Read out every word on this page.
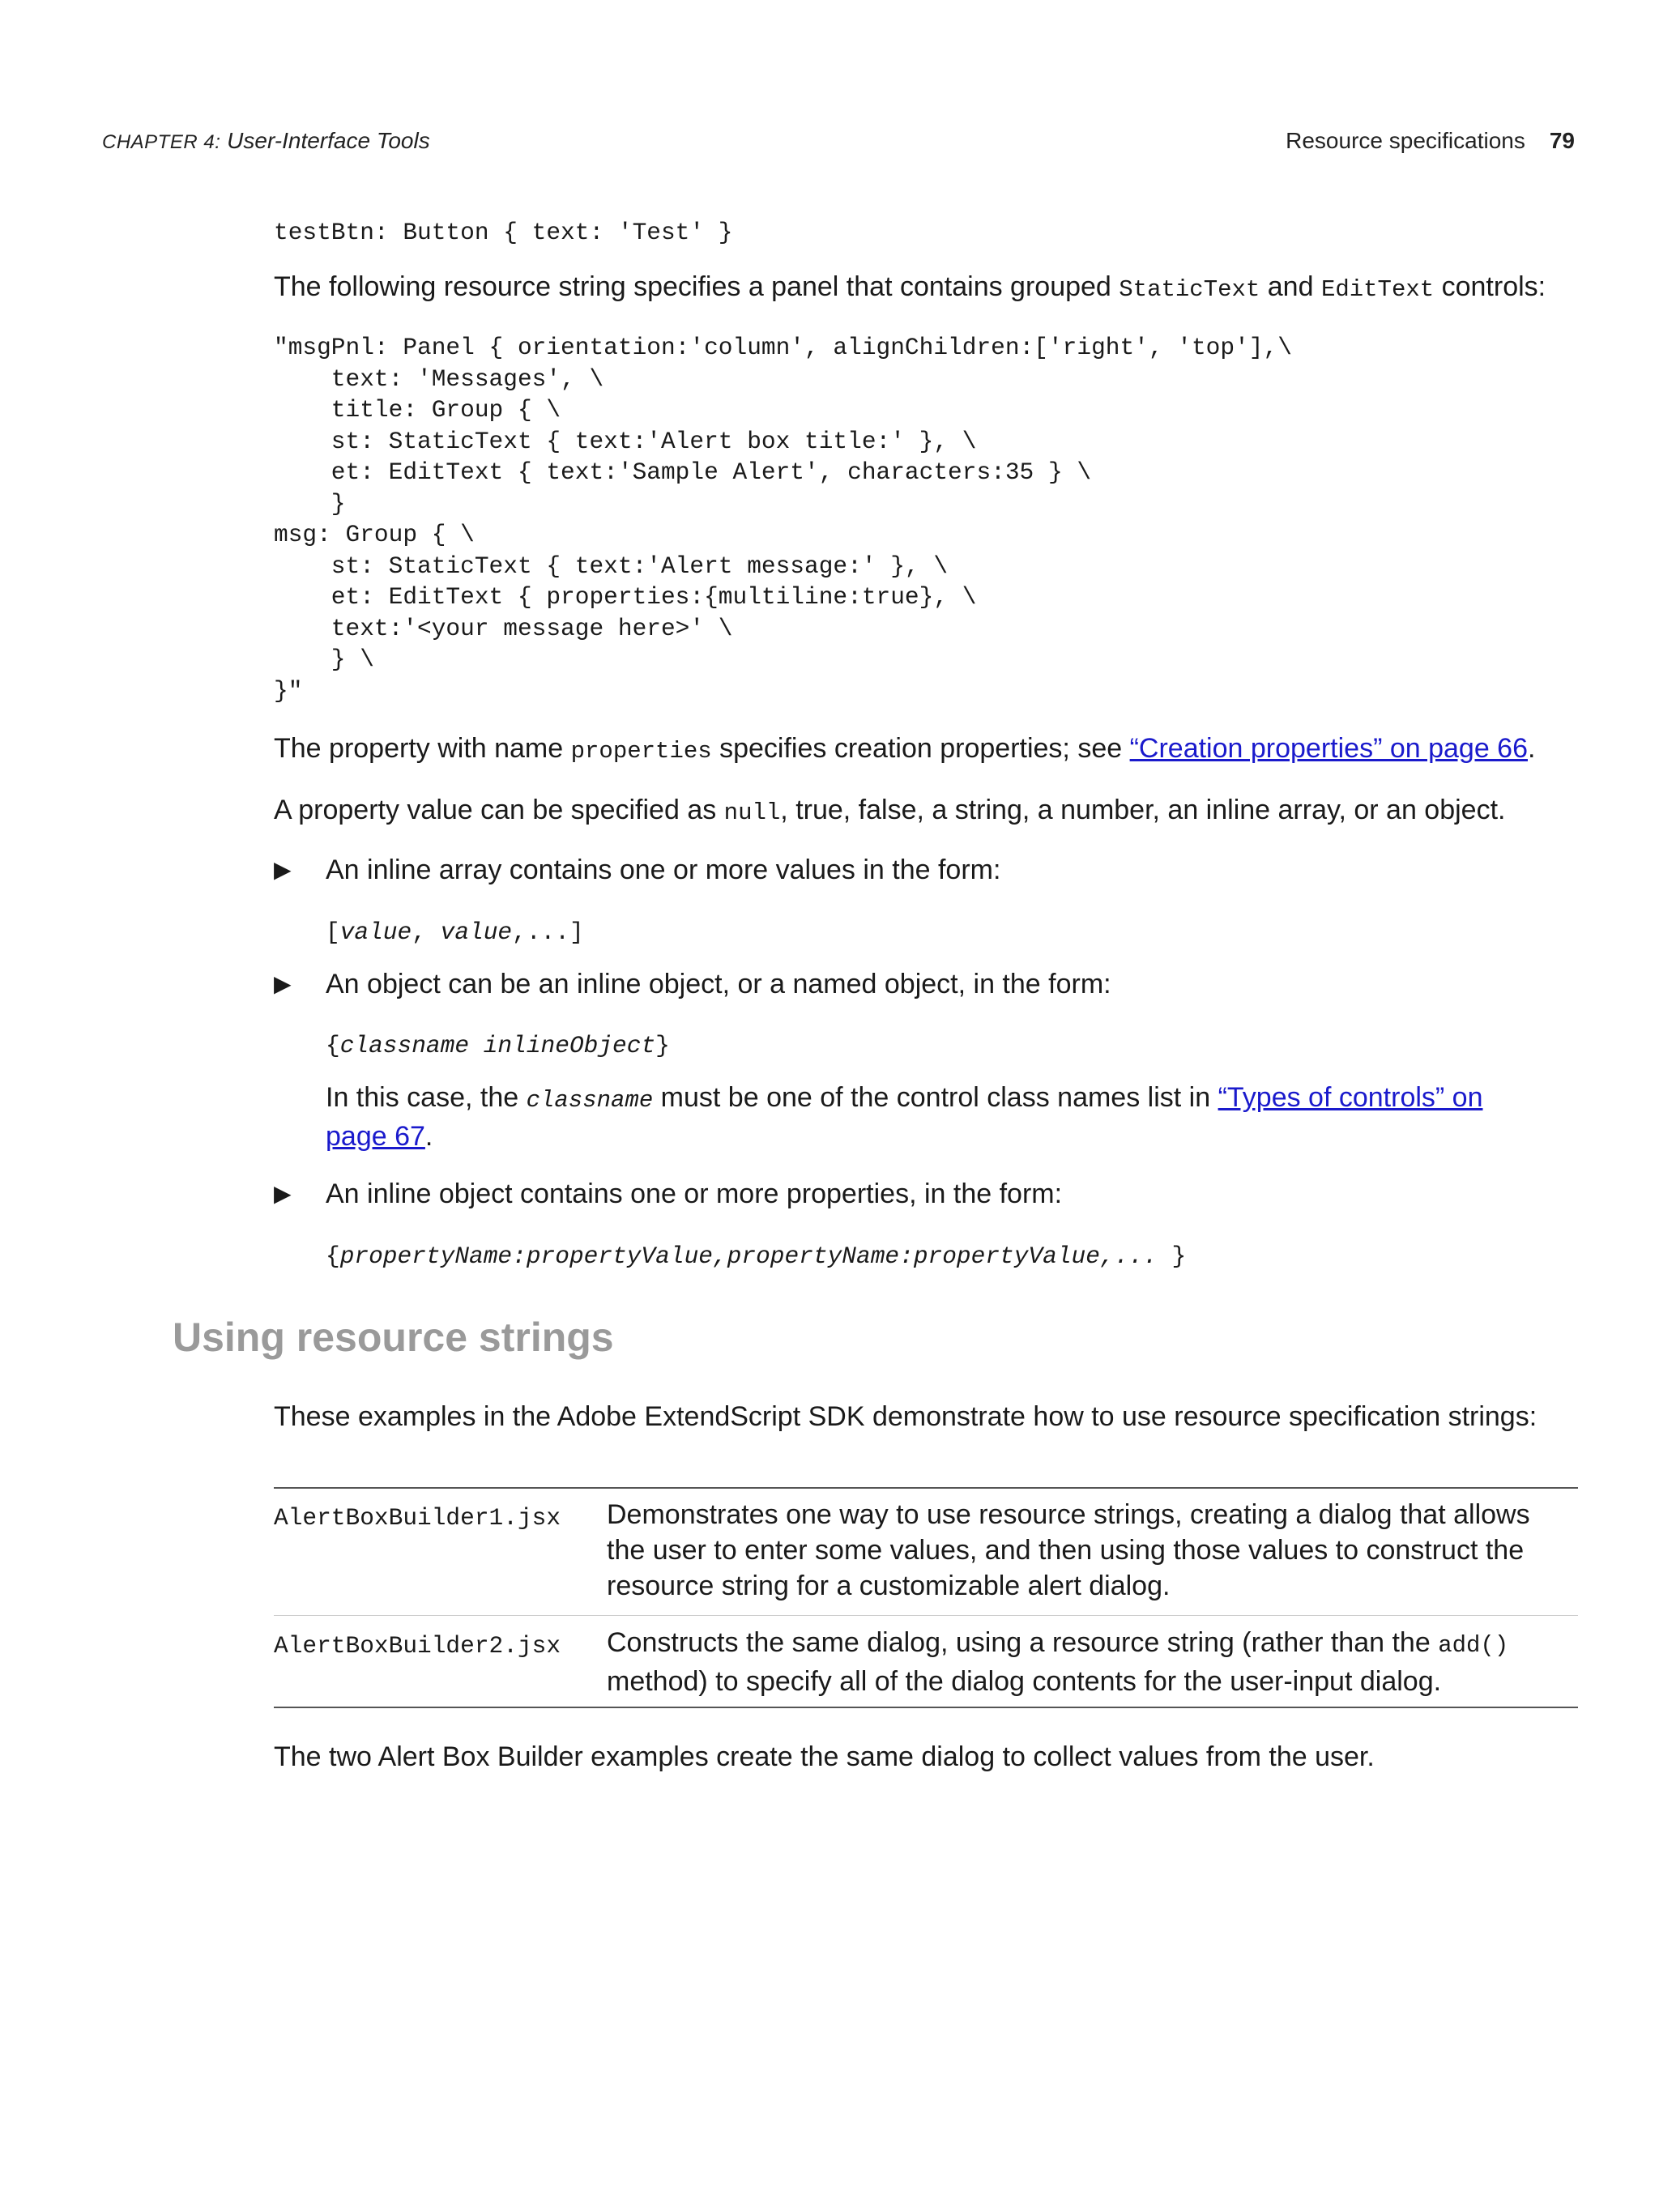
CHAPTER 4: User-Interface Tools	Resource specifications 79
testBtn: Button { text: 'Test' }
The following resource string specifies a panel that contains grouped StaticText and EditText controls:
"msgPnl: Panel { orientation:'column', alignChildren:['right', 'top'],\
text: 'Messages', \
title: Group { \
st: StaticText { text:'Alert box title:' }, \
et: EditText { text:'Sample Alert', characters:35 } \
}
msg: Group { \
st: StaticText { text:'Alert message:' }, \
et: EditText { properties:{multiline:true}, \
text:'<your message here>' \
} \
}"
The property with name properties specifies creation properties; see “Creation properties” on page 66.
A property value can be specified as null, true, false, a string, a number, an inline array, or an object.
▶ An inline array contains one or more values in the form:
[value, value,...]
▶ An object can be an inline object, or a named object, in the form:
{classname inlineObject}
In this case, the classname must be one of the control class names list in “Types of controls” on
page 67.
▶ An inline object contains one or more properties, in the form:
{propertyName:propertyValue,propertyName:propertyValue,... }
Using resource strings
These examples in the Adobe ExtendScript SDK demonstrate how to use resource specification strings:
AlertBoxBuilder1.jsx Demonstrates one way to use resource strings, creating a dialog that allows
the user to enter some values, and then using those values to construct the
resource string for a customizable alert dialog.
AlertBoxBuilder2.jsx Constructs the same dialog, using a resource string (rather than the add()
method) to specify all of the dialog contents for the user-input dialog.
The two Alert Box Builder examples create the same dialog to collect values from the user.
